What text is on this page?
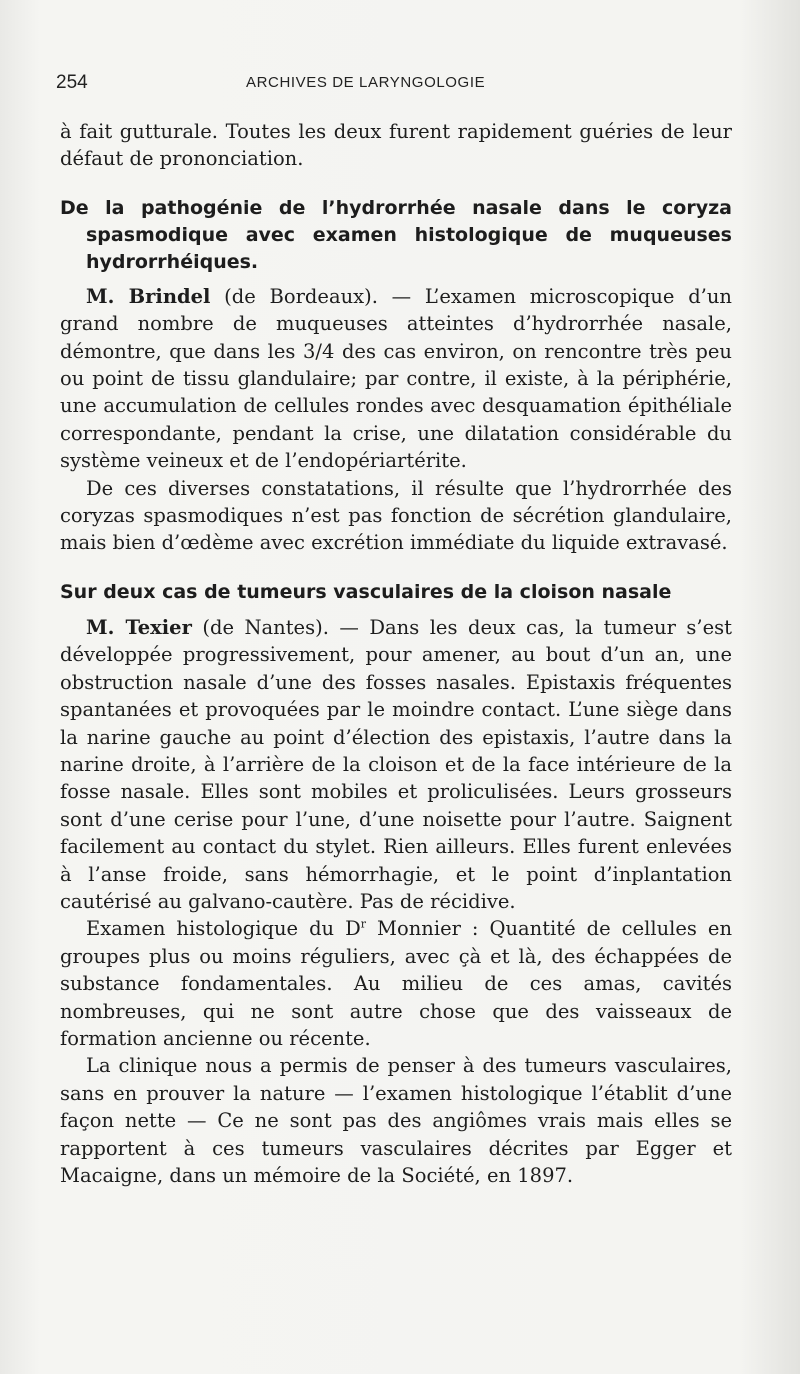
254	ARCHIVES DE LARYNGOLOGIE

à fait gutturale. Toutes les deux furent rapidement guéries de leur défaut de prononciation.

De la pathogénie de l’hydrorrhée nasale dans le coryza spasmodique avec examen histologique de muqueuses hydrorrhéiques.

M. Brindel (de Bordeaux). — L’examen microscopique d’un grand nombre de muqueuses atteintes d’hydrorrhée nasale, démontre, que dans les 3/4 des cas environ, on rencontre très peu ou point de tissu glandulaire; par contre, il existe, à la périphérie, une accumulation de cellules rondes avec desquamation épithéliale correspondante, pendant la crise, une dilatation considérable du système veineux et de l’endopériartérite.

De ces diverses constatations, il résulte que l’hydrorrhée des coryzas spasmodiques n’est pas fonction de sécrétion glandulaire, mais bien d’œdème avec excrétion immédiate du liquide extravasé.

Sur deux cas de tumeurs vasculaires de la cloison nasale

M. Texier (de Nantes). — Dans les deux cas, la tumeur s’est développée progressivement, pour amener, au bout d’un an, une obstruction nasale d’une des fosses nasales. Epistaxis fréquentes spantanées et provoquées par le moindre contact. L’une siège dans la narine gauche au point d’élection des epistaxis, l’autre dans la narine droite, à l’arrière de la cloison et de la face intérieure de la fosse nasale. Elles sont mobiles et proliculisées. Leurs grosseurs sont d’une cerise pour l’une, d’une noisette pour l’autre. Saignent facilement au contact du stylet. Rien ailleurs. Elles furent enlevées à l’anse froide, sans hémorrhagie, et le point d’inplantation cautérisé au galvano-cautère. Pas de récidive.

Examen histologique du $D^r$ Monnier : Quantité de cellules en groupes plus ou moins réguliers, avec çà et là, des échappées de substance fondamentales. Au milieu de ces amas, cavités nombreuses, qui ne sont autre chose que des vaisseaux de formation ancienne ou récente.

La clinique nous a permis de penser à des tumeurs vasculaires, sans en prouver la nature — l’examen histologique l’établit d’une façon nette — Ce ne sont pas des angiômes vrais mais elles se rapportent à ces tumeurs vasculaires décrites par Egger et Macaigne, dans un mémoire de la Société, en 1897.
